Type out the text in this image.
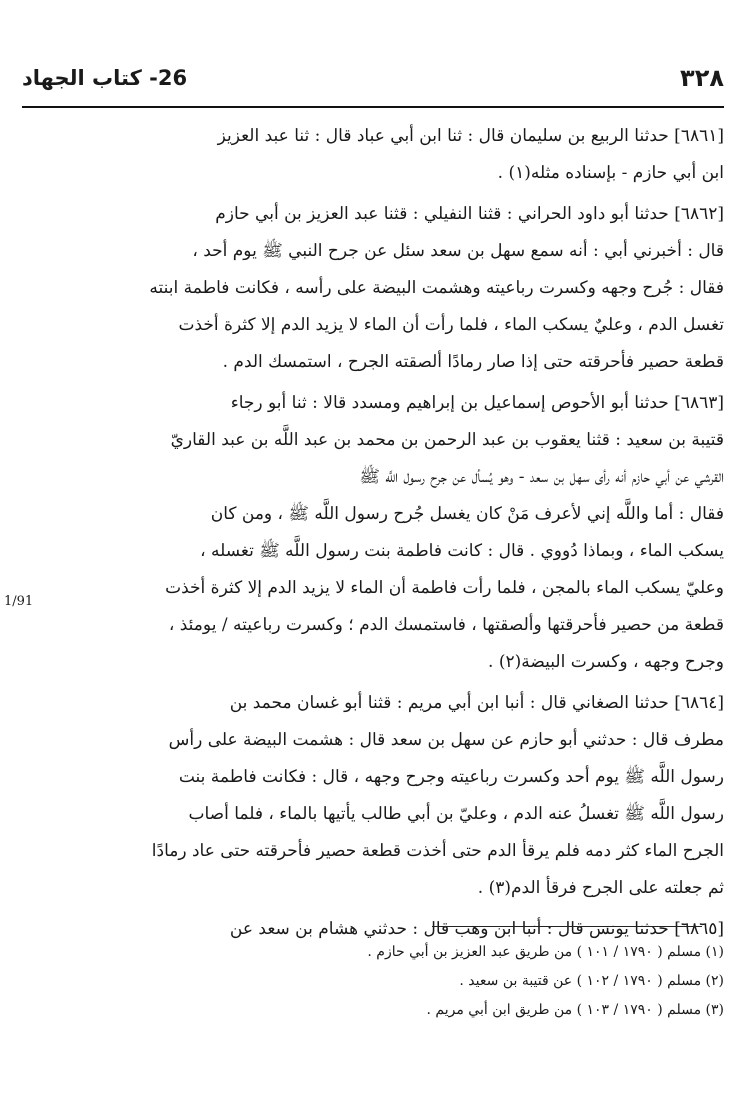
26- كتاب الجهاد	٣٢٨
1/91
[٦٨٦١] حدثنا الربيع بن سليمان قال : ثنا ابن أبي عباد قال : ثنا عبد العزيز
ابن أبي حازم - بإسناده مثله(١) .
[٦٨٦٢] حدثنا أبو داود الحراني : قثنا النفيلي : قثنا عبد العزيز بن أبي حازم
قال : أخبرني أبي : أنه سمع سهل بن سعد سئل عن جرح النبي ﷺ يوم أحد ،
فقال : جُرح وجهه وكسرت رباعيته وهشمت البيضة على رأسه ، فكانت فاطمة ابنته
تغسل الدم ، وعليٌ يسكب الماء ، فلما رأت أن الماء لا يزيد الدم إلا كثرة أخذت
قطعة حصير فأحرقته حتى إذا صار رمادًا ألصقته الجرح ، استمسك الدم .
[٦٨٦٣] حدثنا أبو الأحوص إسماعيل بن إبراهيم ومسدد قالا : ثنا أبو رجاء
قتيبة بن سعيد : قثنا يعقوب بن عبد الرحمن بن محمد بن عبد اللَّه بن عبد القاريّ
القرشي عن أبي حازم أنه رأى سهل بن سعد - وهو يُسأل عن جرح رسول اللَّه ﷺ
فقال : أما واللَّه إني لأعرف مَنْ كان يغسل جُرح رسول اللَّه ﷺ ، ومن كان
يسكب الماء ، وبماذا دُووي . قال : كانت فاطمة بنت رسول اللَّه ﷺ تغسله ،
وعليّ يسكب الماء بالمجن ، فلما رأت فاطمة أن الماء لا يزيد الدم إلا كثرة أخذت
قطعة من حصير فأحرقتها وألصقتها ، فاستمسك الدم ؛ وكسرت رباعيته / يومئذ ،
وجرح وجهه ، وكسرت البيضة(٢) .
[٦٨٦٤] حدثنا الصغاني قال : أنبا ابن أبي مريم : قثنا أبو غسان محمد بن
مطرف قال : حدثني أبو حازم عن سهل بن سعد قال : هشمت البيضة على رأس
رسول اللَّه ﷺ يوم أحد وكسرت رباعيته وجرح وجهه ، قال : فكانت فاطمة بنت
رسول اللَّه ﷺ تغسلُ عنه الدم ، وعليّ بن أبي طالب يأتيها بالماء ، فلما أصاب
الجرح الماء كثر دمه فلم يرقأ الدم حتى أخذت قطعة حصير فأحرقته حتى عاد رمادًا
ثم جعلته على الجرح فرقأ الدم(٣) .
[٦٨٦٥] حدثنا يونس قال : أنبا ابن وهب قال : حدثني هشام بن سعد عن
(١) مسلم ( ١٧٩٠ / ١٠١ ) من طريق عبد العزيز بن أبي حازم .
(٢) مسلم ( ١٧٩٠ / ١٠٢ ) عن قتيبة بن سعيد .
(٣) مسلم ( ١٧٩٠ / ١٠٣ ) من طريق ابن أبي مريم .
